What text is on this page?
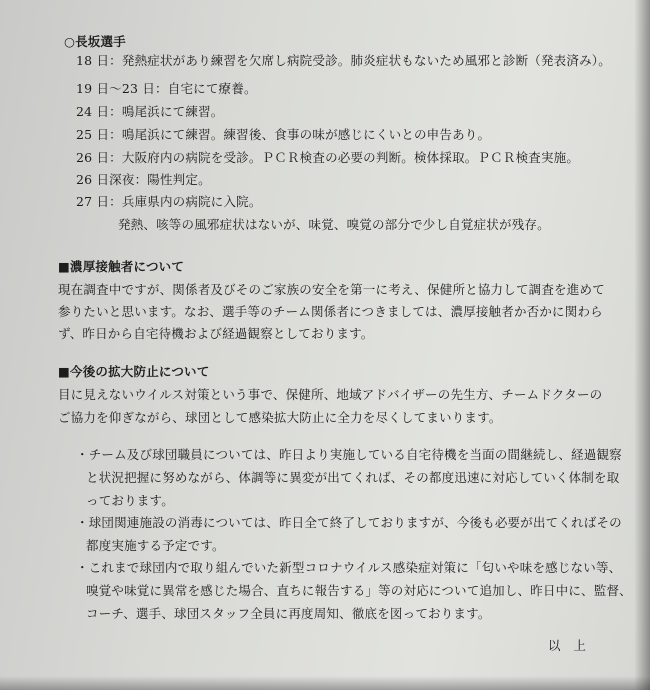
○長坂選手
18 日：発熱症状があり練習を欠席し病院受診。肺炎症状もないため風邪と診断（発表済み）。
19 日～23 日：自宅にて療養。
24 日：鳴尾浜にて練習。
25 日：鳴尾浜にて練習。練習後、食事の味が感じにくいとの申告あり。
26 日：大阪府内の病院を受診。ＰＣＲ検査の必要の判断。検体採取。ＰＣＲ検査実施。
26 日深夜：陽性判定。
27 日：兵庫県内の病院に入院。
発熱、咳等の風邪症状はないが、味覚、嗅覚の部分で少し自覚症状が残存。
■濃厚接触者について
現在調査中ですが、関係者及びそのご家族の安全を第一に考え、保健所と協力して調査を進めて
参りたいと思います。なお、選手等のチーム関係者につきましては、濃厚接触者か否かに関わら
ず、昨日から自宅待機および経過観察としております。
■今後の拡大防止について
目に見えないウイルス対策という事で、保健所、地域アドバイザーの先生方、チームドクターの
ご協力を仰ぎながら、球団として感染拡大防止に全力を尽くしてまいります。
・チーム及び球団職員については、昨日より実施している自宅待機を当面の間継続し、経過観察
と状況把握に努めながら、体調等に異変が出てくれば、その都度迅速に対応していく体制を取
っております。
・球団関連施設の消毒については、昨日全て終了しておりますが、今後も必要が出てくればその
都度実施する予定です。
・これまで球団内で取り組んでいた新型コロナウイルス感染症対策に「匂いや味を感じない等、
嗅覚や味覚に異常を感じた場合、直ちに報告する」等の対応について追加し、昨日中に、監督、
コーチ、選手、球団スタッフ全員に再度周知、徹底を図っております。
以　上
